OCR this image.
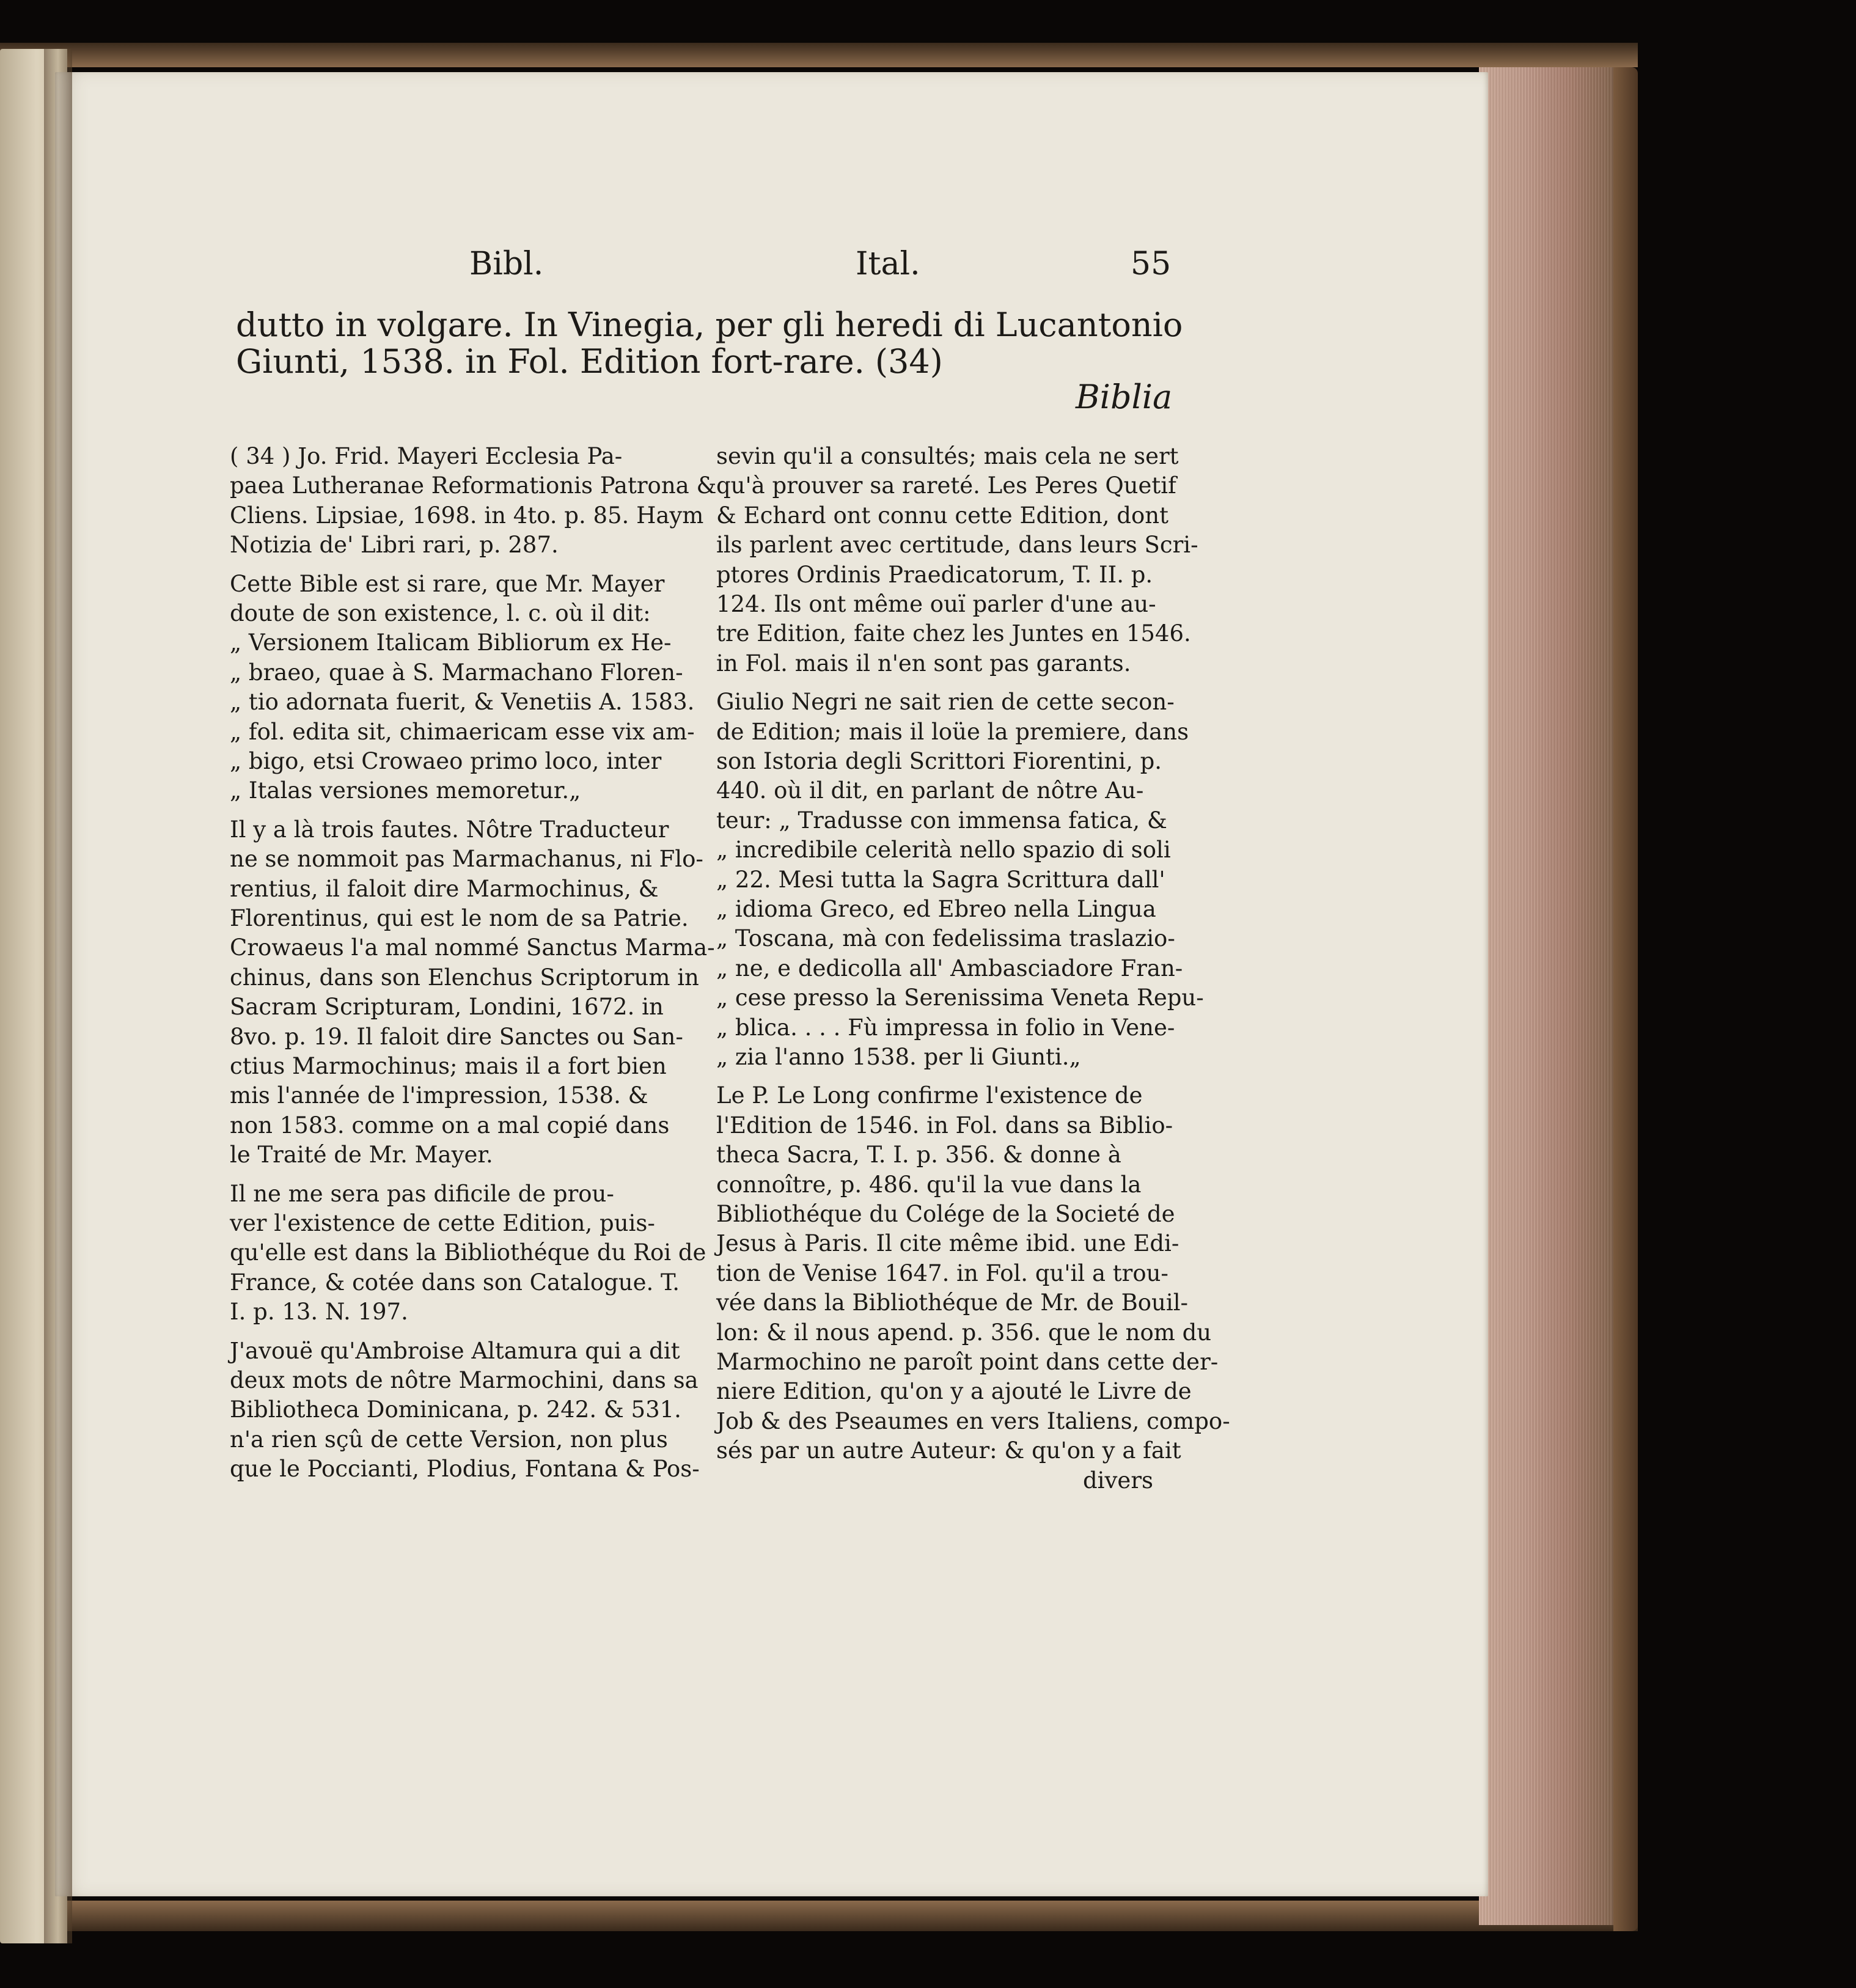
Bibl.	Ital.	55
dutto in volgare. In Vinegia, per gli heredi di Lucantonio
Giunti, 1538. in Fol. Edition fort-rare. (34)
Biblia
( 34 ) Jo. Frid. Mayeri Ecclesia Pa-
paea Lutheranae Reformationis Patrona &
Cliens. Lipsiae, 1698. in 4to. p. 85. Haym
Notizia de' Libri rari, p. 287.
Cette Bible est si rare, que Mr. Mayer
doute de son existence, l. c. où il dit:
„ Versionem Italicam Bibliorum ex He-
„ braeo, quae à S. Marmachano Floren-
„ tio adornata fuerit, & Venetiis A. 1583.
„ fol. edita sit, chimaericam esse vix am-
„ bigo, etsi Crowaeo primo loco, inter
„ Italas versiones memoretur.„
Il y a là trois fautes. Nôtre Traducteur
ne se nommoit pas Marmachanus, ni Flo-
rentius, il faloit dire Marmochinus, &
Florentinus, qui est le nom de sa Patrie.
Crowaeus l'a mal nommé Sanctus Marma-
chinus, dans son Elenchus Scriptorum in
Sacram Scripturam, Londini, 1672. in
8vo. p. 19. Il faloit dire Sanctes ou San-
ctius Marmochinus; mais il a fort bien
mis l'année de l'impression, 1538. &
non 1583. comme on a mal copié dans
le Traité de Mr. Mayer.
Il ne me sera pas dificile de prou-
ver l'existence de cette Edition, puis-
qu'elle est dans la Bibliothéque du Roi de
France, & cotée dans son Catalogue. T.
I. p. 13. N. 197.
J'avouë qu'Ambroise Altamura qui a dit
deux mots de nôtre Marmochini, dans sa
Bibliotheca Dominicana, p. 242. & 531.
n'a rien sçû de cette Version, non plus
que le Poccianti, Plodius, Fontana & Pos-
sevin qu'il a consultés; mais cela ne sert
qu'à prouver sa rareté. Les Peres Quetif
& Echard ont connu cette Edition, dont
ils parlent avec certitude, dans leurs Scri-
ptores Ordinis Praedicatorum, T. II. p.
124. Ils ont même ouï parler d'une au-
tre Edition, faite chez les Juntes en 1546.
in Fol. mais il n'en sont pas garants.
Giulio Negri ne sait rien de cette secon-
de Edition; mais il loüe la premiere, dans
son Istoria degli Scrittori Fiorentini, p.
440. où il dit, en parlant de nôtre Au-
teur: „ Tradusse con immensa fatica, &
„ incredibile celerità nello spazio di soli
„ 22. Mesi tutta la Sagra Scrittura dall'
„ idioma Greco, ed Ebreo nella Lingua
„ Toscana, mà con fedelissima traslazio-
„ ne, e dedicolla all' Ambasciadore Fran-
„ cese presso la Serenissima Veneta Repu-
„ blica. . . . Fù impressa in folio in Vene-
„ zia l'anno 1538. per li Giunti.„
Le P. Le Long confirme l'existence de
l'Edition de 1546. in Fol. dans sa Biblio-
theca Sacra, T. I. p. 356. & donne à
connoître, p. 486. qu'il la vue dans la
Bibliothéque du Colége de la Societé de
Jesus à Paris. Il cite même ibid. une Edi-
tion de Venise 1647. in Fol. qu'il a trou-
vée dans la Bibliothéque de Mr. de Bouil-
lon: & il nous apend. p. 356. que le nom du
Marmochino ne paroît point dans cette der-
niere Edition, qu'on y a ajouté le Livre de
Job & des Pseaumes en vers Italiens, compo-
sés par un autre Auteur: & qu'on y a fait
divers
